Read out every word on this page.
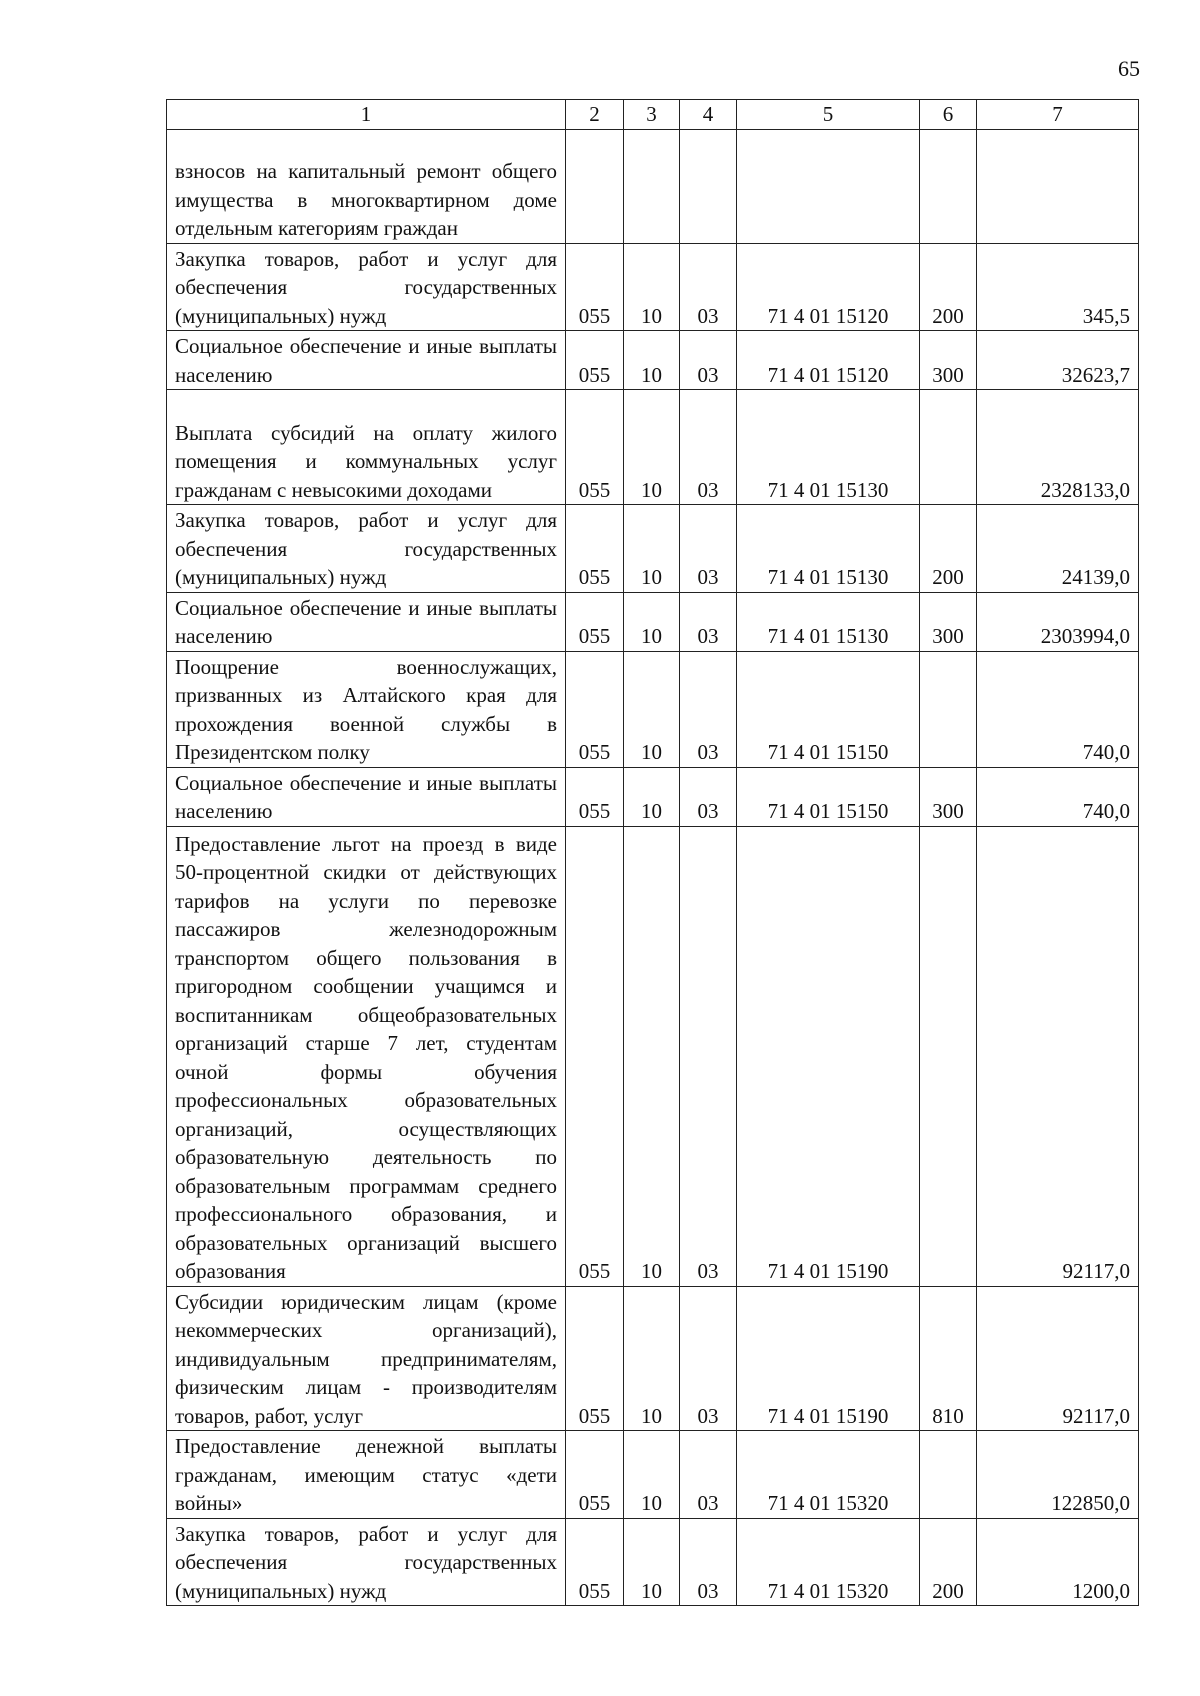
65
1	2	3	4	5	6	7
взносов на капитальный ремонт общего имущества в многоквартирном доме отдельным категориям граждан						
Закупка товаров, работ и услуг для обеспечения государственных (муниципальных) нужд	055	10	03	71 4 01 15120	200	345,5
Социальное обеспечение и иные выплаты населению	055	10	03	71 4 01 15120	300	32623,7
Выплата субсидий на оплату жилого помещения и коммунальных услуг гражданам с невысокими доходами	055	10	03	71 4 01 15130		2328133,0
Закупка товаров, работ и услуг для обеспечения государственных (муниципальных) нужд	055	10	03	71 4 01 15130	200	24139,0
Социальное обеспечение и иные выплаты населению	055	10	03	71 4 01 15130	300	2303994,0
Поощрение военнослужащих, призванных из Алтайского края для прохождения военной службы в Президентском полку	055	10	03	71 4 01 15150		740,0
Социальное обеспечение и иные выплаты населению	055	10	03	71 4 01 15150	300	740,0
Предоставление льгот на проезд в виде 50-процентной скидки от действующих тарифов на услуги по перевозке пассажиров железнодорожным транспортом общего пользования в пригородном сообщении учащимся и воспитанникам общеобразовательных организаций старше 7 лет, студентам очной формы обучения профессиональных образовательных организаций, осуществляющих образовательную деятельность по образовательным программам среднего профессионального образования, и образовательных организаций высшего образования	055	10	03	71 4 01 15190		92117,0
Субсидии юридическим лицам (кроме некоммерческих организаций), индивидуальным предпринимателям, физическим лицам - производителям товаров, работ, услуг	055	10	03	71 4 01 15190	810	92117,0
Предоставление денежной выплаты гражданам, имеющим статус «дети войны»	055	10	03	71 4 01 15320		122850,0
Закупка товаров, работ и услуг для обеспечения государственных (муниципальных) нужд	055	10	03	71 4 01 15320	200	1200,0
